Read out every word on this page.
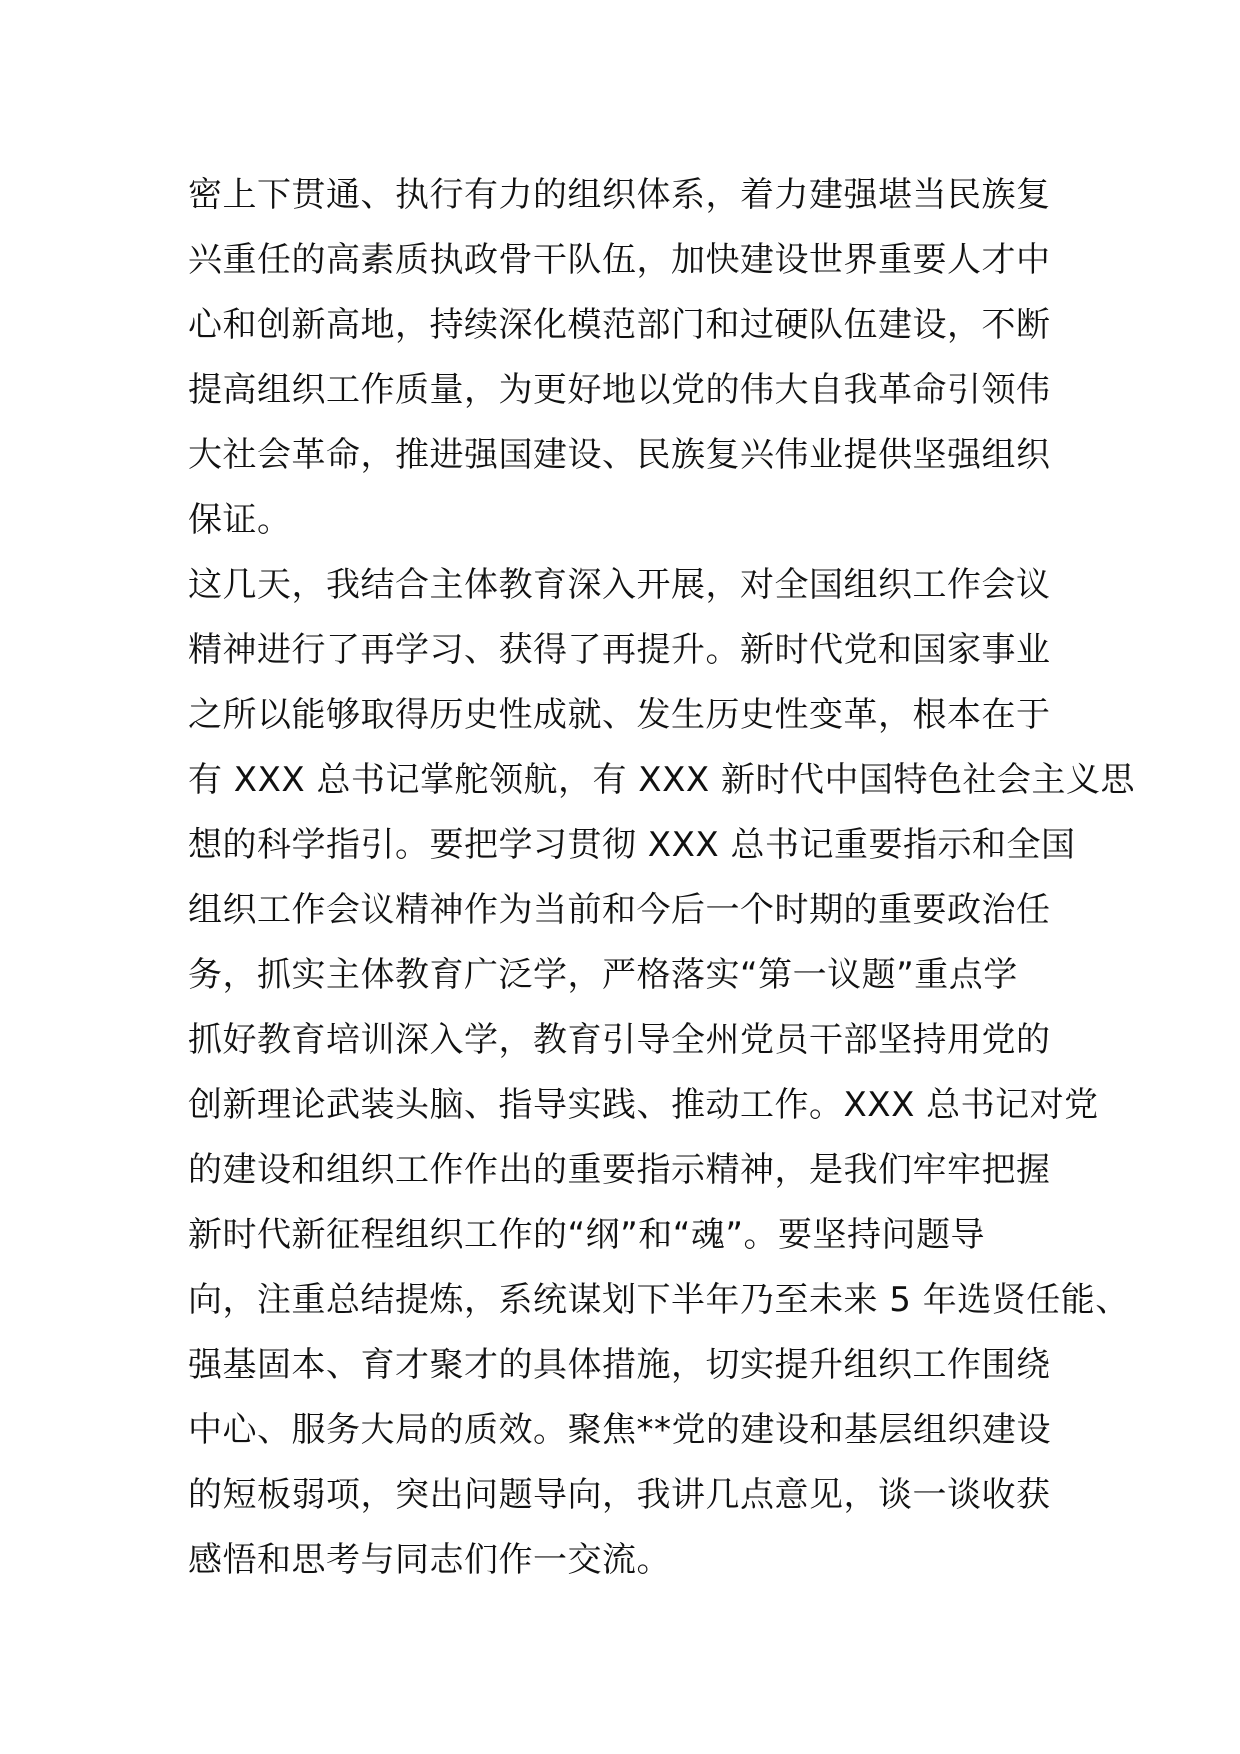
密上下贯通、执行有力的组织体系，着力建强堪当民族复
兴重任的高素质执政骨干队伍，加快建设世界重要人才中
心和创新高地，持续深化模范部门和过硬队伍建设，不断
提高组织工作质量，为更好地以党的伟大自我革命引领伟
大社会革命，推进强国建设、民族复兴伟业提供坚强组织
保证。

这几天，我结合主体教育深入开展，对全国组织工作会议
精神进行了再学习、获得了再提升。新时代党和国家事业
之所以能够取得历史性成就、发生历史性变革，根本在于
有 XXX 总书记掌舵领航，有 XXX 新时代中国特色社会主义思
想的科学指引。要把学习贯彻 XXX 总书记重要指示和全国
组织工作会议精神作为当前和今后一个时期的重要政治任
务，抓实主体教育广泛学，严格落实“第一议题”重点学
抓好教育培训深入学，教育引导全州党员干部坚持用党的
创新理论武装头脑、指导实践、推动工作。XXX 总书记对党
的建设和组织工作作出的重要指示精神，是我们牢牢把握
新时代新征程组织工作的“纲”和“魂”。要坚持问题导
向，注重总结提炼，系统谋划下半年乃至未来 5 年选贤任能、
强基固本、育才聚才的具体措施，切实提升组织工作围绕
中心、服务大局的质效。聚焦**党的建设和基层组织建设
的短板弱项，突出问题导向，我讲几点意见，谈一谈收获
感悟和思考与同志们作一交流。
